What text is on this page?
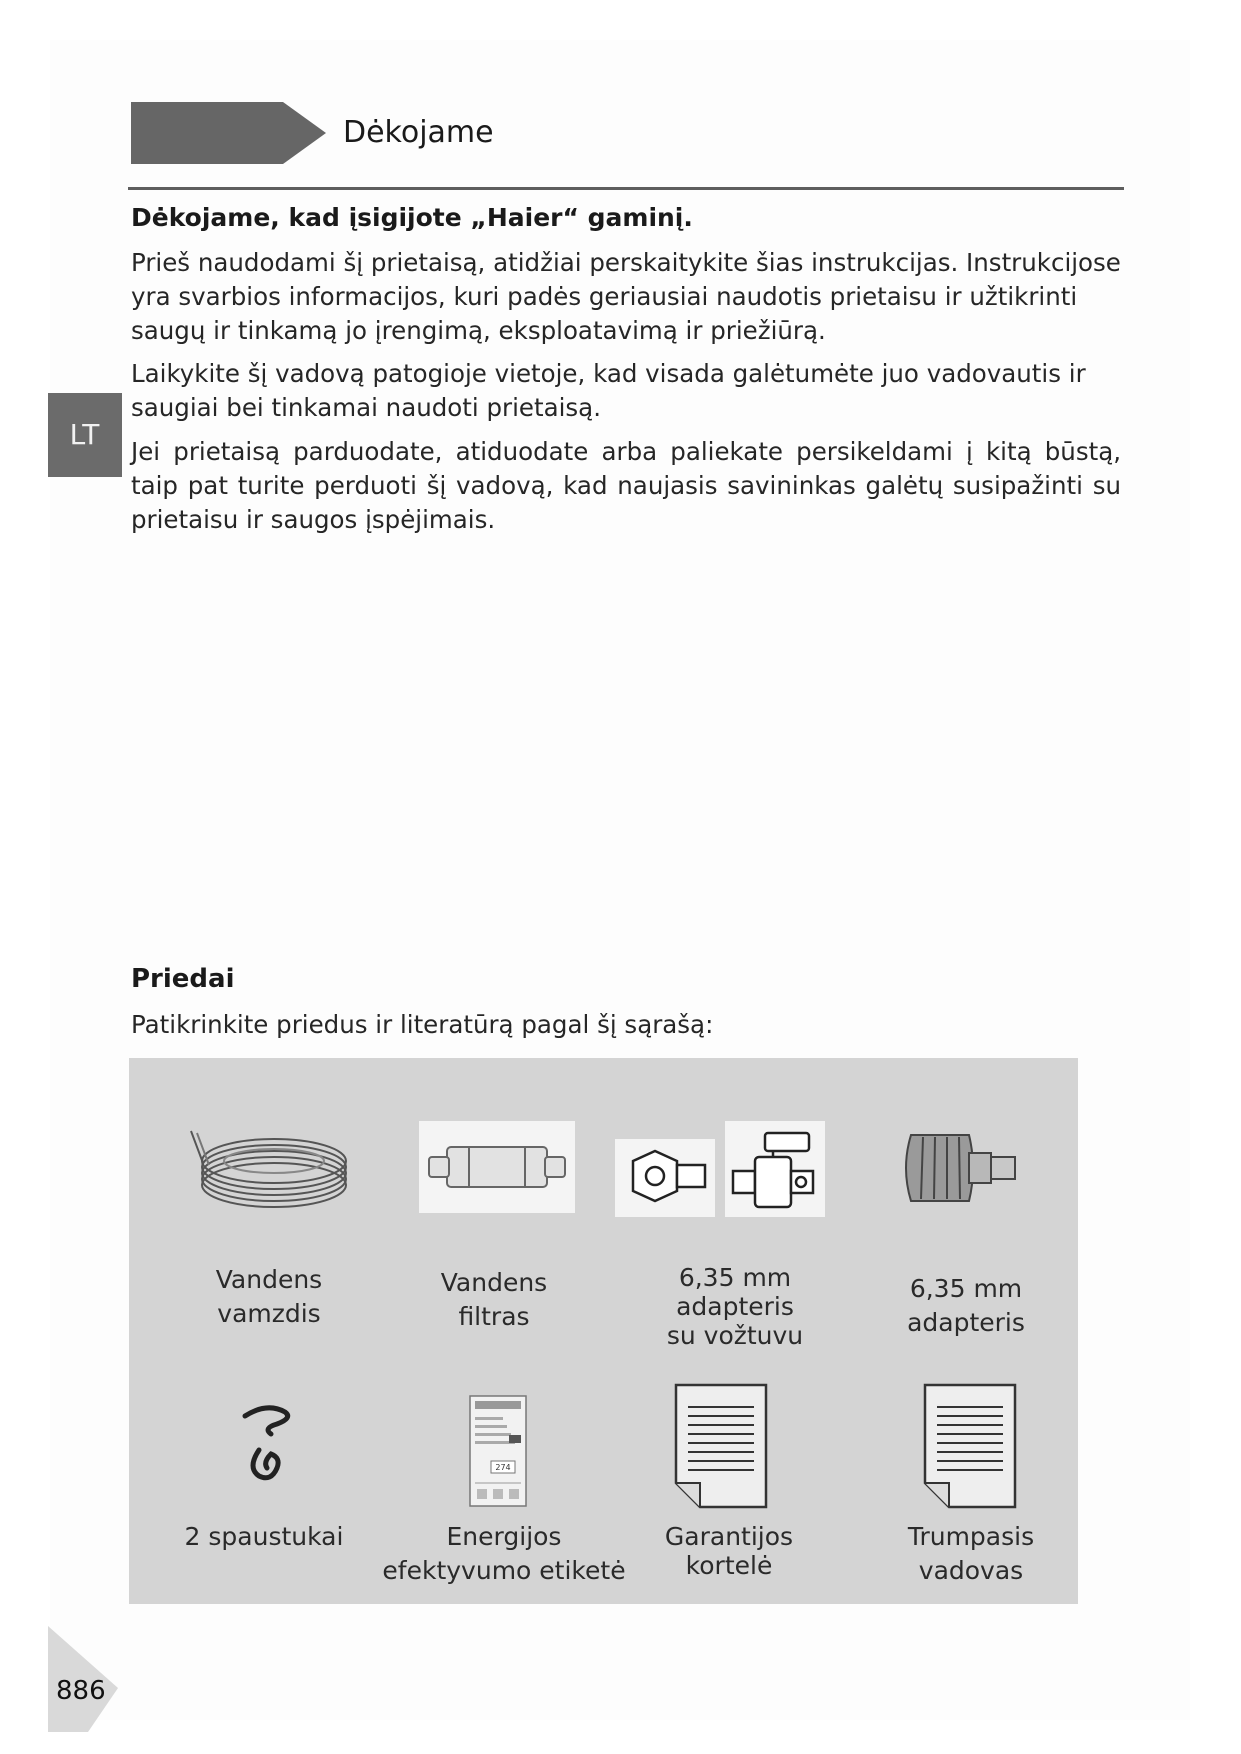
Dėkojame
LT
Dėkojame, kad įsigijote „Haier“ gaminį.

Prieš naudodami šį prietaisą, atidžiai perskaitykite šias instrukcijas. Instrukcijose yra svarbios informacijos, kuri padės geriausiai naudotis prietaisu ir užtikrinti saugų ir tinkamą jo įrengimą, eksploatavimą ir priežiūrą.

Laikykite šį vadovą patogioje vietoje, kad visada galėtumėte juo vadovautis ir saugiai bei tinkamai naudoti prietaisą.

Jei prietaisą parduodate, atiduodate arba paliekate persikeldami į kitą būstą, taip pat turite perduoti šį vadovą, kad naujasis savininkas galėtų susipažinti su prietaisu ir saugos įspėjimais.

Priedai

Patikrinkite priedus ir literatūrą pagal šį sąrašą:

Vandens
vamzdis
Vandens
filtras
6,35 mm
adapteris
su vožtuvu
6,35 mm
adapteris
274
2 spaustukai	Energijos
efektyvumo etiketė
Garantijos
kortelė
Trumpasis
vadovas
886
